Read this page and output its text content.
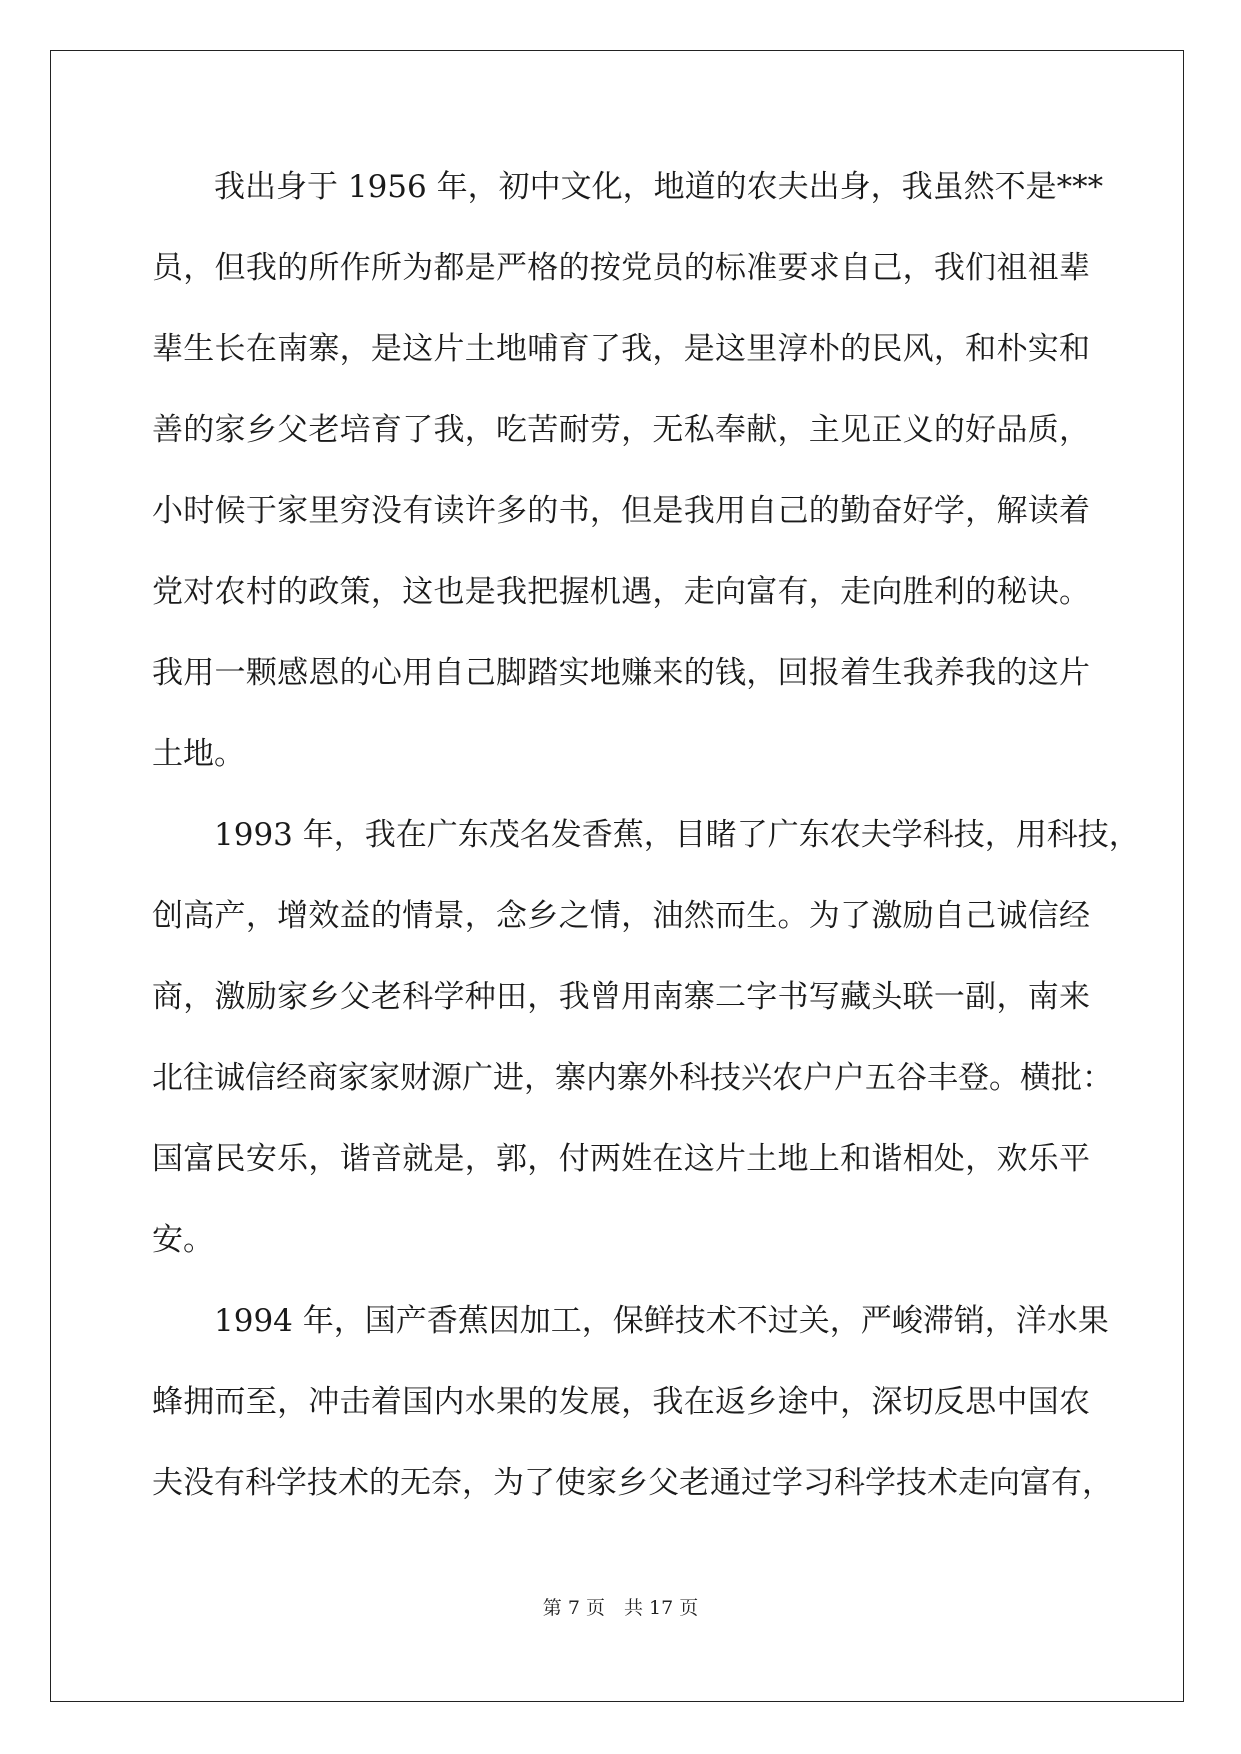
我出身于 1956 年，初中文化，地道的农夫出身，我虽然不是***
员，但我的所作所为都是严格的按党员的标准要求自己，我们祖祖辈
辈生长在南寨，是这片土地哺育了我，是这里淳朴的民风，和朴实和
善的家乡父老培育了我，吃苦耐劳，无私奉献，主见正义的好品质，
小时候于家里穷没有读许多的书，但是我用自己的勤奋好学，解读着
党对农村的政策，这也是我把握机遇，走向富有，走向胜利的秘诀。
我用一颗感恩的心用自己脚踏实地赚来的钱，回报着生我养我的这片
土地。
1993 年，我在广东茂名发香蕉，目睹了广东农夫学科技，用科技，
创高产，增效益的情景，念乡之情，油然而生。为了激励自己诚信经
商，激励家乡父老科学种田，我曾用南寨二字书写藏头联一副，南来
北往诚信经商家家财源广进，寨内寨外科技兴农户户五谷丰登。横批：
国富民安乐，谐音就是，郭，付两姓在这片土地上和谐相处，欢乐平
安。
1994 年，国产香蕉因加工，保鲜技术不过关，严峻滞销，洋水果
蜂拥而至，冲击着国内水果的发展，我在返乡途中，深切反思中国农
夫没有科学技术的无奈，为了使家乡父老通过学习科学技术走向富有，
第 7 页　共 17 页
